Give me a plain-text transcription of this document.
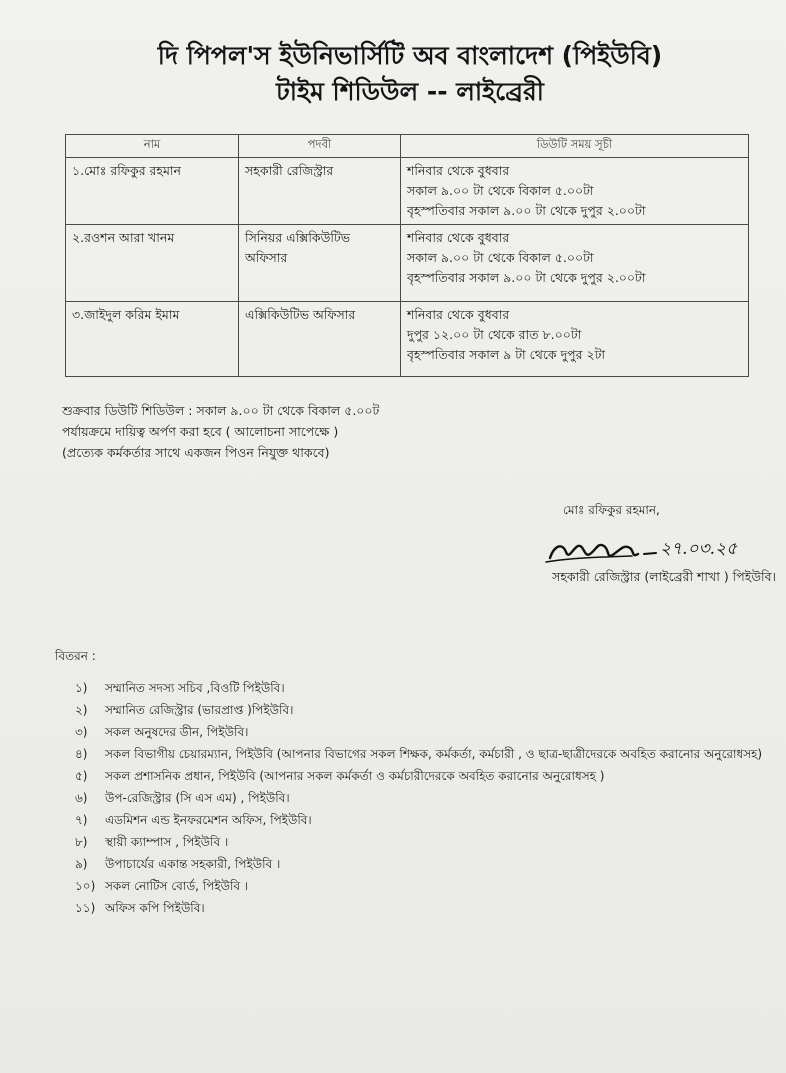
দি পিপল'স ইউনিভার্সিটি অব বাংলাদেশ (পিইউবি)
টাইম শিডিউল -- লাইব্রেরী
নাম	পদবী	ডিউটি সময় সূচী
১.মোঃ রফিকুর রহমান	সহকারী রেজিস্ট্রার	শনিবার থেকে বুধবার
সকাল ৯.০০ টা থেকে বিকাল ৫.০০টা
বৃহস্পতিবার সকাল ৯.০০ টা থেকে দুপুর ২.০০টা

২.রওশন আরা খানম	সিনিয়র এক্সিকিউটিভ অফিসার	শনিবার থেকে বুধবার
সকাল ৯.০০ টা থেকে বিকাল ৫.০০টা
বৃহস্পতিবার সকাল ৯.০০ টা থেকে দুপুর ২.০০টা

৩.জাইদুল করিম ইমাম	এক্সিকিউটিভ অফিসার	শনিবার থেকে বুধবার
দুপুর ১২.০০ টা থেকে রাত ৮.০০টা
বৃহস্পতিবার সকাল ৯ টা থেকে দুপুর ২টা
শুক্রবার ডিউটি শিডিউল : সকাল ৯.০০ টা থেকে বিকাল ৫.০০ট
পর্যায়ক্রমে দায়িত্ব অর্পণ করা হবে ( আলোচনা সাপেক্ষে )
(প্রত্যেক কর্মকর্তার সাথে একজন পিওন নিযুক্ত থাকবে)
মোঃ রফিকুর রহমান,
২৭.০৩.২৫
সহকারী রেজিস্ট্রার (লাইব্রেরী শাখা ) পিইউবি।
বিতরন :
১)	সম্মানিত সদস্য সচিব ,বিওটি পিইউবি।
২)	সম্মানিত রেজিস্ট্রার (ভারপ্রাপ্ত )পিইউবি।
৩)	সকল অনুষদের ডীন, পিইউবি।
৪)	সকল বিভাগীয় চেয়ারম্যান, পিইউবি (আপনার বিভাগের সকল শিক্ষক, কর্মকর্তা, কর্মচারী , ও ছাত্র-ছাত্রীদেরকে অবহিত করানোর অনুরোধসহ)
৫)	সকল প্রশাসনিক প্রধান, পিইউবি (আপনার সকল কর্মকর্তা ও কর্মচারীদেরকে অবহিত করানোর অনুরোধসহ )
৬)	উপ-রেজিস্ট্রার (সি এস এম) , পিইউবি।
৭)	এডমিশন এন্ড ইনফরমেশন অফিস, পিইউবি।
৮)	স্থায়ী ক্যাম্পাস , পিইউবি ।
৯)	উপাচার্যের একান্ত সহকারী, পিইউবি ।
১০) সকল নোটিস বোর্ড, পিইউবি ।
১১) অফিস কপি পিইউবি।
